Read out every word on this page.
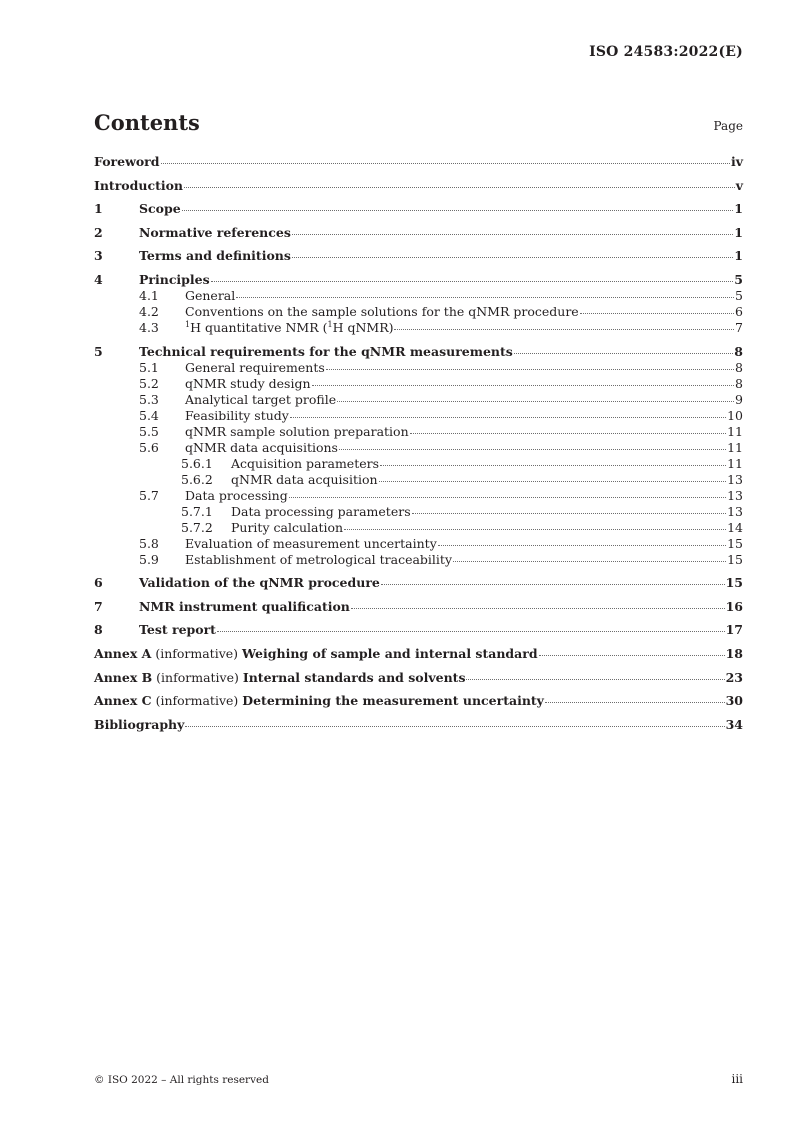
ISO 24583:2022(E)
Contents	Page
Foreword	iv
Introduction	v
1	Scope	1
2	Normative references	1
3	Terms and definitions	1
4	Principles	5
4.1	General	5
4.2	Conventions on the sample solutions for the qNMR procedure	6
4.3	$^1$H quantitative NMR ($^1$H qNMR)	7
5	Technical requirements for the qNMR measurements	8
5.1	General requirements	8
5.2	qNMR study design	8
5.3	Analytical target profile	9
5.4	Feasibility study	10
5.5	qNMR sample solution preparation	11
5.6	qNMR data acquisitions	11
5.6.1	Acquisition parameters	11
5.6.2	qNMR data acquisition	13
5.7	Data processing	13
5.7.1	Data processing parameters	13
5.7.2	Purity calculation	14
5.8	Evaluation of measurement uncertainty	15
5.9	Establishment of metrological traceability	15
6	Validation of the qNMR procedure	15
7	NMR instrument qualification	16
8	Test report	17
Annex A (informative) Weighing of sample and internal standard	18
Annex B (informative) Internal standards and solvents	23
Annex C (informative) Determining the measurement uncertainty	30
Bibliography	34
© ISO 2022 – All rights reserved	iii
